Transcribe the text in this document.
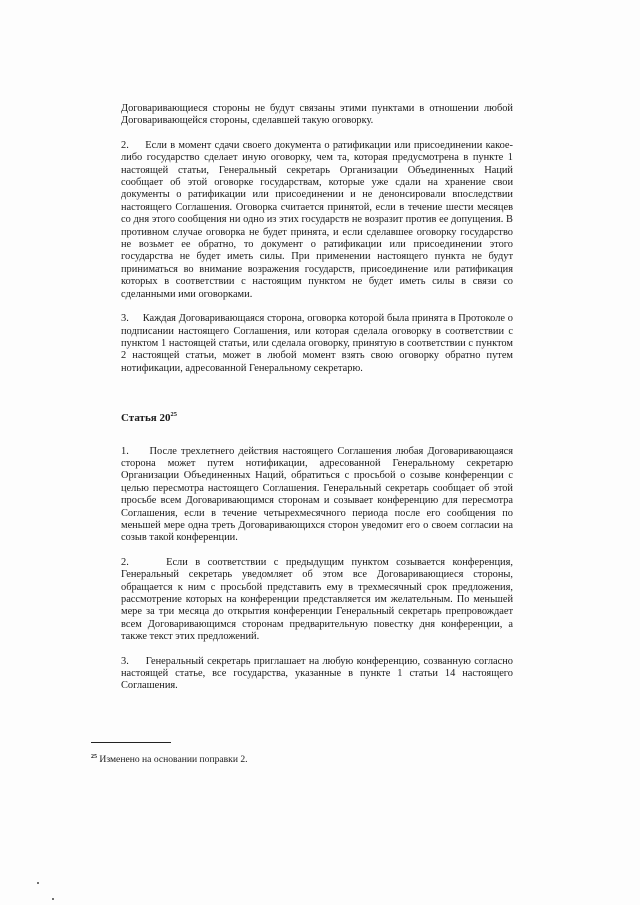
Договаривающиеся стороны не будут связаны этими пунктами в отношении любой Договаривающейся стороны, сделавшей такую оговорку.

2.     Если в момент сдачи своего документа о ратификации или присоединении какое-либо государство сделает иную оговорку, чем та, которая предусмотрена в пункте 1 настоящей статьи, Генеральный секретарь Организации Объединенных Наций сообщает об этой оговорке государствам, которые уже сдали на хранение свои документы о ратификации или присоединении и не денонсировали впоследствии настоящего Соглашения. Оговорка считается принятой, если в течение шести месяцев со дня этого сообщения ни одно из этих государств не возразит против ее допущения. В противном случае оговорка не будет принята, и если сделавшее оговорку государство не возьмет ее обратно, то документ о ратификации или присоединении этого государства не будет иметь силы. При применении настоящего пункта не будут приниматься во внимание возражения государств, присоединение или ратификация которых в соответствии с настоящим пунктом не будет иметь силы в связи со сделанными ими оговорками.

3.     Каждая Договаривающаяся сторона, оговорка которой была принята в Протоколе о подписании настоящего Соглашения, или которая сделала оговорку в соответствии с пунктом 1 настоящей статьи, или сделала оговорку, принятую в соответствии с пунктом 2 настоящей статьи, может в любой момент взять свою оговорку обратно путем нотификации, адресованной Генеральному секретарю.

Статья $20^{25}$

1.     После трехлетнего действия настоящего Соглашения любая Договаривающаяся сторона может путем нотификации, адресованной Генеральному секретарю Организации Объединенных Наций, обратиться с просьбой о созыве конференции с целью пересмотра настоящего Соглашения. Генеральный секретарь сообщает об этой просьбе всем Договаривающимся сторонам и созывает конференцию для пересмотра Соглашения, если в течение четырехмесячного периода после его сообщения по меньшей мере одна треть Договаривающихся сторон уведомит его о своем согласии на созыв такой конференции.

2.     Если в соответствии с предыдущим пунктом созывается конференция, Генеральный секретарь уведомляет об этом все Договаривающиеся стороны, обращается к ним с просьбой представить ему в трехмесячный срок предложения, рассмотрение которых на конференции представляется им желательным. По меньшей мере за три месяца до открытия конференции Генеральный секретарь препровождает всем Договаривающимся сторонам предварительную повестку дня конференции, а также текст этих предложений.

3.     Генеральный секретарь приглашает на любую конференцию, созванную согласно настоящей статье, все государства, указанные в пункте 1 статьи 14 настоящего Соглашения.

$^{25}$ Изменено на основании поправки 2.
